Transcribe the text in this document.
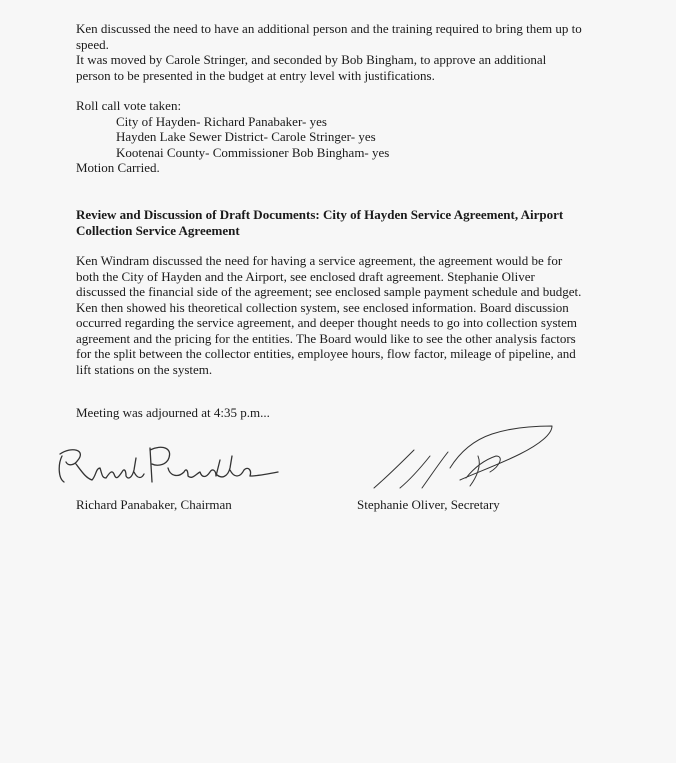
Ken discussed the need to have an additional person and the training required to bring them up to
speed.
It was moved by Carole Stringer, and seconded by Bob Bingham, to approve an additional
person to be presented in the budget at entry level with justifications.
Roll call vote taken:
City of Hayden- Richard Panabaker- yes
Hayden Lake Sewer District- Carole Stringer- yes
Kootenai County- Commissioner Bob Bingham- yes
Motion Carried.
Review and Discussion of Draft Documents: City of Hayden Service Agreement, Airport
Collection Service Agreement
Ken Windram discussed the need for having a service agreement, the agreement would be for
both the City of Hayden and the Airport, see enclosed draft agreement. Stephanie Oliver
discussed the financial side of the agreement; see enclosed sample payment schedule and budget.
Ken then showed his theoretical collection system, see enclosed information. Board discussion
occurred regarding the service agreement, and deeper thought needs to go into collection system
agreement and the pricing for the entities. The Board would like to see the other analysis factors
for the split between the collector entities, employee hours, flow factor, mileage of pipeline, and
lift stations on the system.
Meeting was adjourned at 4:35 p.m...
Richard Panabaker, Chairman	Stephanie Oliver, Secretary
